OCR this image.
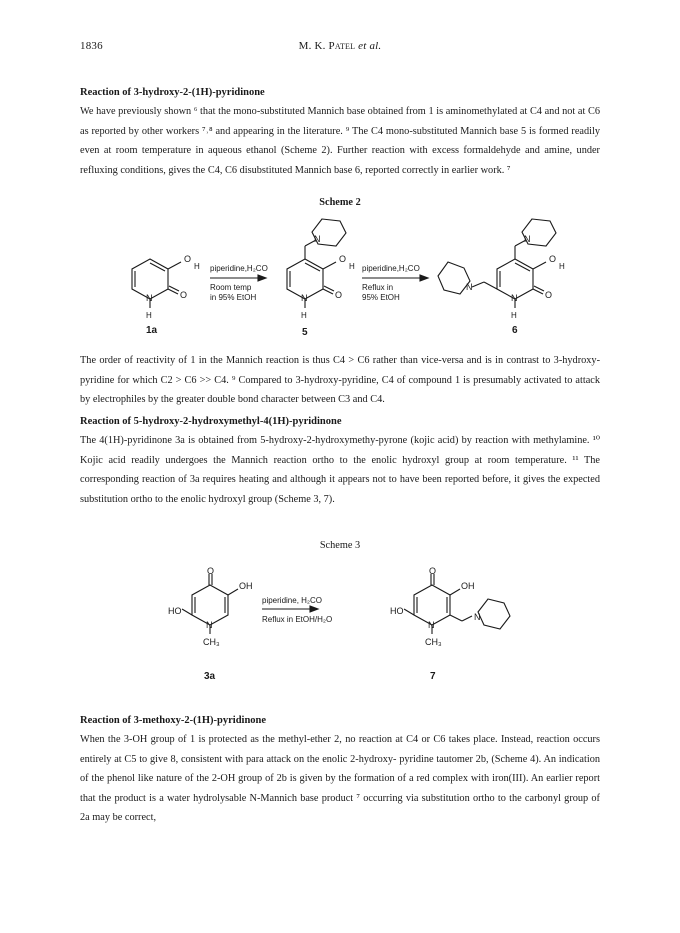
1836	M. K. Patel et al.
Reaction of 3-hydroxy-2-(1H)-pyridinone

We have previously shown ⁶ that the mono-substituted Mannich base obtained from 1 is aminomethylated at C4 and not at C6 as reported by other workers ⁷˒⁸ and appearing in the literature. ⁹ The C4 mono-substituted Mannich base 5 is formed readily even at room temperature in aqueous ethanol (Scheme 2). Further reaction with excess formaldehyde and amine, under refluxing conditions, gives the C4, C6 disubstituted Mannich base 6, reported correctly in earlier work. ⁷

Scheme 2
O
H
O
N
H
O
H
O
N
H
N
O
H
O
N
H
N
N
piperidine,H₂CO
Room temp
in 95% EtOH
piperidine,H₂CO
Reflux in
95% EtOH
1a	5	6

The order of reactivity of 1 in the Mannich reaction is thus C4 > C6 rather than vice-versa and is in contrast to 3-hydroxy-pyridine for which C2 > C6 >> C4. ⁹ Compared to 3-hydroxy-pyridine, C4 of compound 1 is presumably activated to attack by electrophiles by the greater double bond character between C3 and C4.

Reaction of 5-hydroxy-2-hydroxymethyl-4(1H)-pyridinone

The 4(1H)-pyridinone 3a is obtained from 5-hydroxy-2-hydroxymethy-pyrone (kojic acid) by reaction with methylamine. ¹⁰ Kojic acid readily undergoes the Mannich reaction ortho to the enolic hydroxyl group at room temperature. ¹¹ The corresponding reaction of 3a requires heating and although it appears not to have been reported before, it gives the expected substitution ortho to the enolic hydroxyl group (Scheme 3, 7).

Scheme 3
O
OH
HO
N
CH₃
O
OH
HO
N
CH₃
N
piperidine, H₂CO
Reflux in EtOH/H₂O
3a	7
Reaction of 3-methoxy-2-(1H)-pyridinone

When the 3-OH group of 1 is protected as the methyl-ether 2, no reaction at C4 or C6 takes place. Instead, reaction occurs entirely at C5 to give 8, consistent with para attack on the enolic 2-hydroxy- pyridine tautomer 2b, (Scheme 4). An indication of the phenol like nature of the 2-OH group of 2b is given by the formation of a red complex with iron(III). An earlier report that the product is a water hydrolysable N-Mannich base product ⁷ occurring via substitution ortho to the carbonyl group of 2a may be correct,
